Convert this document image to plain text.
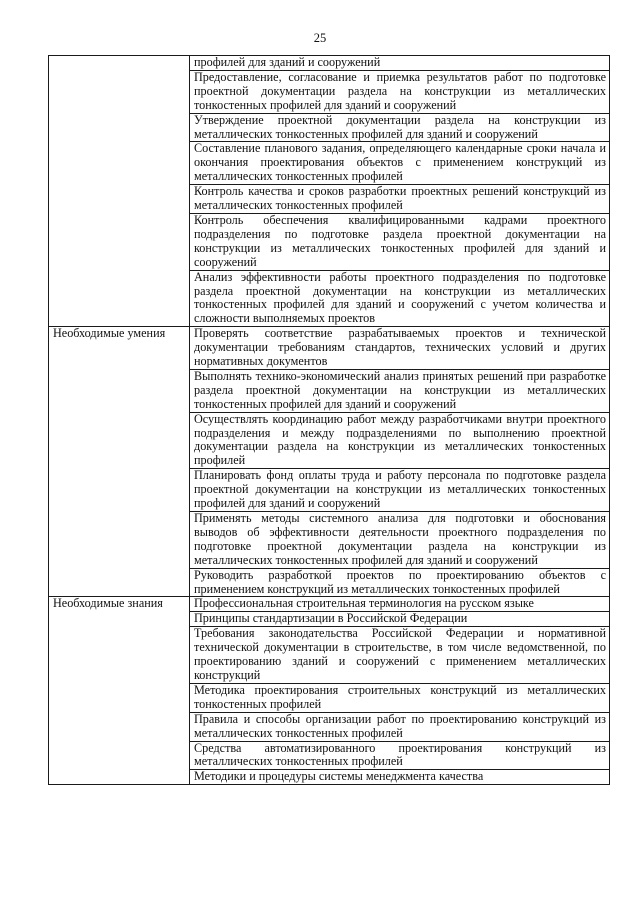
25
	профилей для зданий и сооружений
	Предоставление, согласование и приемка результатов работ по подготовке проектной документации раздела на конструкции из металлических тонкостенных профилей для зданий и сооружений
	Утверждение проектной документации раздела на конструкции из металлических тонкостенных профилей для зданий и сооружений
	Составление планового задания, определяющего календарные сроки начала и окончания проектирования объектов с применением конструкций из металлических тонкостенных профилей
	Контроль качества и сроков разработки проектных решений конструкций из металлических тонкостенных профилей
	Контроль обеспечения квалифицированными кадрами проектного подразделения по подготовке раздела проектной документации на конструкции из металлических тонкостенных профилей для зданий и сооружений
	Анализ эффективности работы проектного подразделения по подготовке раздела проектной документации на конструкции из металлических тонкостенных профилей для зданий и сооружений с учетом количества и сложности выполняемых проектов
Необходимые умения	Проверять соответствие разрабатываемых проектов и технической документации требованиям стандартов, технических условий и других нормативных документов
	Выполнять технико-экономический анализ принятых решений при разработке раздела проектной документации на конструкции из металлических тонкостенных профилей для зданий и сооружений
	Осуществлять координацию работ между разработчиками внутри проектного подразделения и между подразделениями по выполнению проектной документации раздела на конструкции из металлических тонкостенных профилей
	Планировать фонд оплаты труда и работу персонала по подготовке раздела проектной документации на конструкции из металлических тонкостенных профилей для зданий и сооружений
	Применять методы системного анализа для подготовки и обоснования выводов об эффективности деятельности проектного подразделения по подготовке проектной документации раздела на конструкции из металлических тонкостенных профилей для зданий и сооружений
	Руководить разработкой проектов по проектированию объектов с применением конструкций из металлических тонкостенных профилей
Необходимые знания	Профессиональная строительная терминология на русском языке
	Принципы стандартизации в Российской Федерации
	Требования законодательства Российской Федерации и нормативной технической документации в строительстве, в том числе ведомственной, по проектированию зданий и сооружений с применением металлических конструкций
	Методика проектирования строительных конструкций из металлических тонкостенных профилей
	Правила и способы организации работ по проектированию конструкций из металлических тонкостенных профилей
	Средства автоматизированного проектирования конструкций из металлических тонкостенных профилей
	Методики и процедуры системы менеджмента качества
